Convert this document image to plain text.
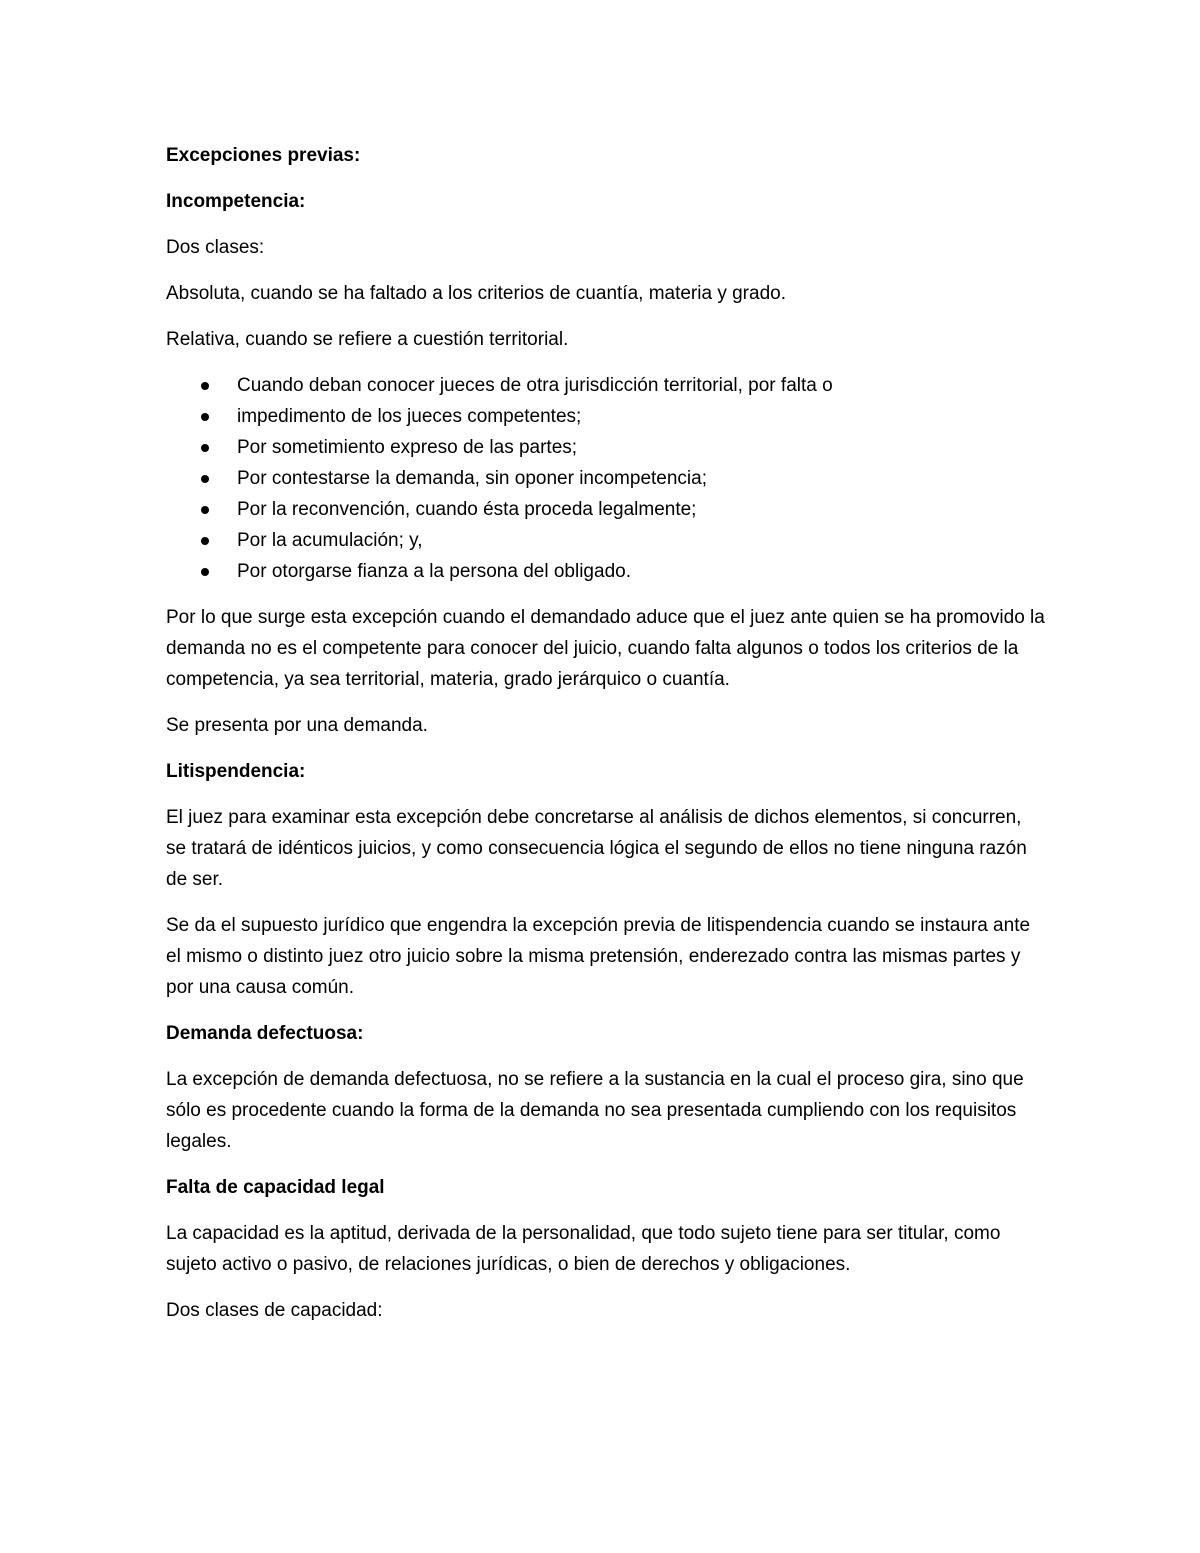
Excepciones previas:

Incompetencia:

Dos clases:

Absoluta, cuando se ha faltado a los criterios de cuantía, materia y grado.

Relativa, cuando se refiere a cuestión territorial.

Cuando deban conocer jueces de otra jurisdicción territorial, por falta o
impedimento de los jueces competentes;
Por sometimiento expreso de las partes;
Por contestarse la demanda, sin oponer incompetencia;
Por la reconvención, cuando ésta proceda legalmente;
Por la acumulación; y,
Por otorgarse fianza a la persona del obligado.

Por lo que surge esta excepción cuando el demandado aduce que el juez ante quien se ha promovido la demanda no es el competente para conocer del juicio, cuando falta algunos o todos los criterios de la competencia, ya sea territorial, materia, grado jerárquico o cuantía.

Se presenta por una demanda.

Litispendencia:

El juez para examinar esta excepción debe concretarse al análisis de dichos elementos, si concurren, se tratará de idénticos juicios, y como consecuencia lógica el segundo de ellos no tiene ninguna razón de ser.

Se da el supuesto jurídico que engendra la excepción previa de litispendencia cuando se instaura ante el mismo o distinto juez otro juicio sobre la misma pretensión, enderezado contra las mismas partes y por una causa común.

Demanda defectuosa:

La excepción de demanda defectuosa, no se refiere a la sustancia en la cual el proceso gira, sino que sólo es procedente cuando la forma de la demanda no sea presentada cumpliendo con los requisitos legales.

Falta de capacidad legal

La capacidad es la aptitud, derivada de la personalidad, que todo sujeto tiene para ser titular, como sujeto activo o pasivo, de relaciones jurídicas, o bien de derechos y obligaciones.

Dos clases de capacidad:
